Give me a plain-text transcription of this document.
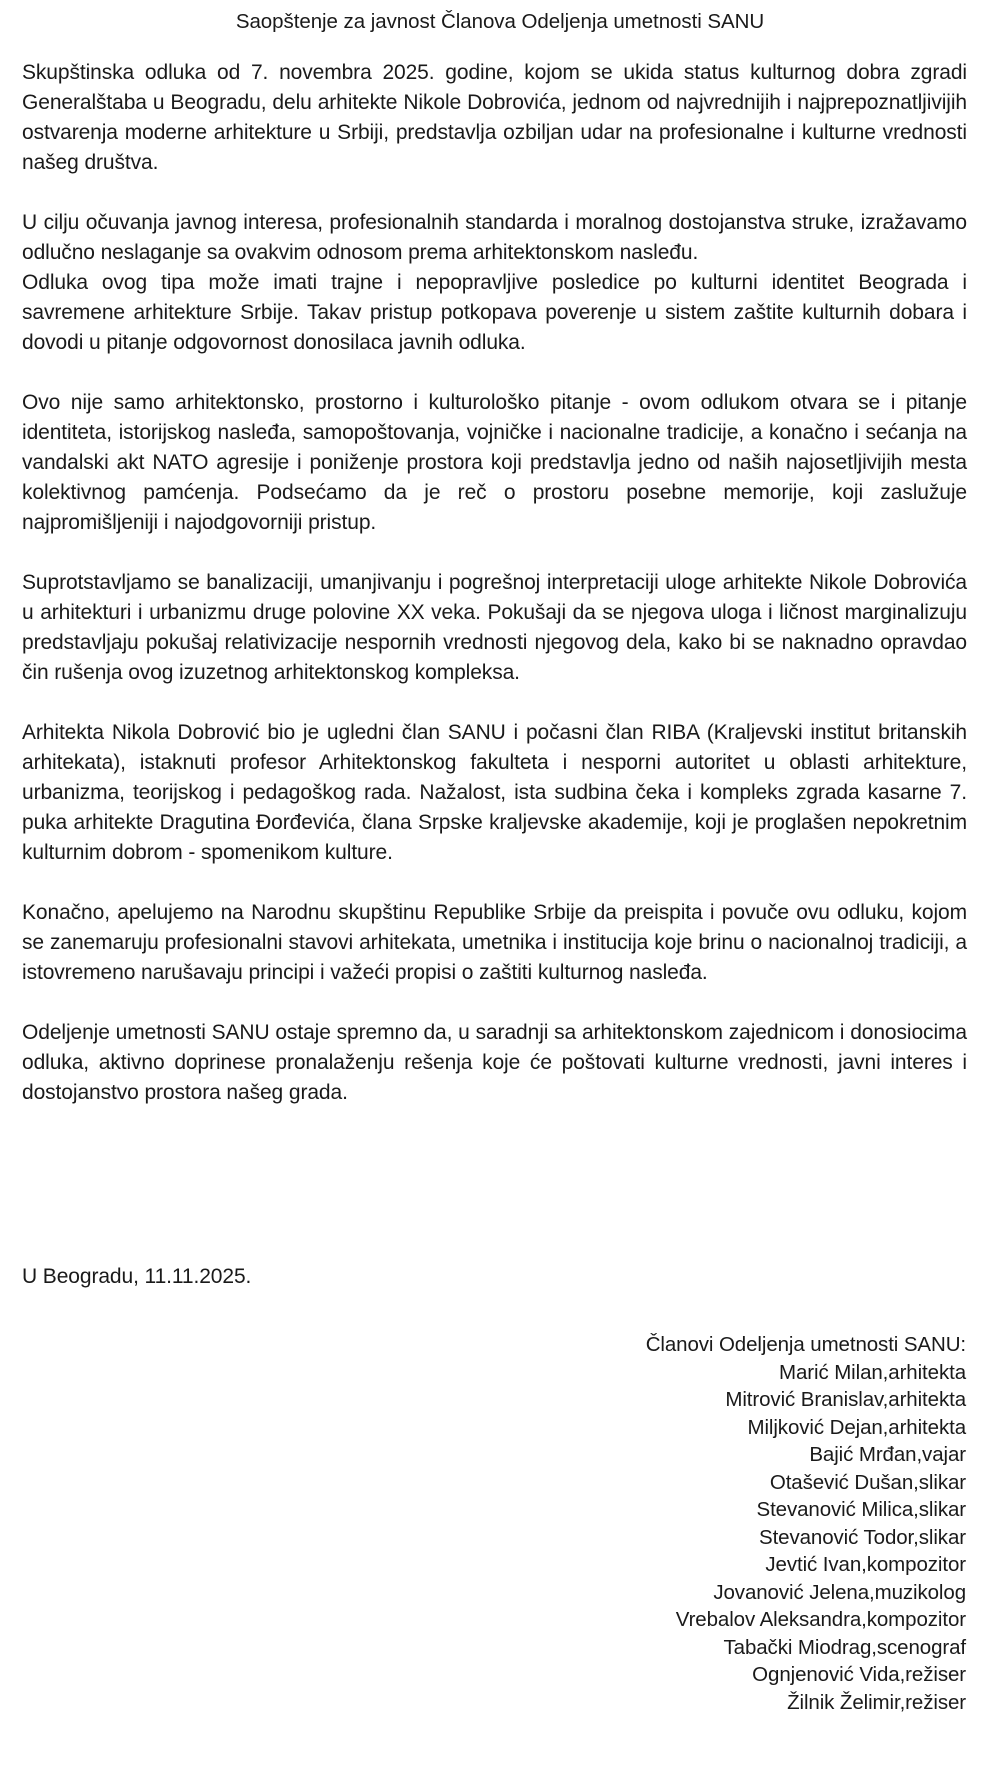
Saopštenje za javnost Članova Odeljenja umetnosti SANU

Skupštinska odluka od 7. novembra 2025. godine, kojom se ukida status kulturnog dobra zgradi Generalštaba u Beogradu, delu arhitekte Nikole Dobrovića, jednom od najvrednijih i najprepoznatljivijih ostvarenja moderne arhitekture u Srbiji, predstavlja ozbiljan udar na profesionalne i kulturne vrednosti našeg društva.

U cilju očuvanja javnog interesa, profesionalnih standarda i moralnog dostojanstva struke, izražavamo odlučno neslaganje sa ovakvim odnosom prema arhitektonskom nasleđu.
Odluka ovog tipa može imati trajne i nepopravljive posledice po kulturni identitet Beograda i savremene arhitekture Srbije. Takav pristup potkopava poverenje u sistem zaštite kulturnih dobara i dovodi u pitanje odgovornost donosilaca javnih odluka.

Ovo nije samo arhitektonsko, prostorno i kulturološko pitanje - ovom odlukom otvara se i pitanje identiteta, istorijskog nasleđa, samopoštovanja, vojničke i nacionalne tradicije, a konačno i sećanja na vandalski akt NATO agresije i poniženje prostora koji predstavlja jedno od naših najosetljivijih mesta kolektivnog pamćenja. Podsećamo da je reč o prostoru posebne memorije, koji zaslužuje najpromišljeniji i najodgovorniji pristup.

Suprotstavljamo se banalizaciji, umanjivanju i pogrešnoj interpretaciji uloge arhitekte Nikole Dobrovića u arhitekturi i urbanizmu druge polovine XX veka. Pokušaji da se njegova uloga i ličnost marginalizuju predstavljaju pokušaj relativizacije nespornih vrednosti njegovog dela, kako bi se naknadno opravdao čin rušenja ovog izuzetnog arhitektonskog kompleksa.

Arhitekta Nikola Dobrović bio je ugledni član SANU i počasni član RIBA (Kraljevski institut britanskih arhitekata), istaknuti profesor Arhitektonskog fakulteta i nesporni autoritet u oblasti arhitekture, urbanizma, teorijskog i pedagoškog rada. Nažalost, ista sudbina čeka i kompleks zgrada kasarne 7. puka arhitekte Dragutina Đorđevića, člana Srpske kraljevske akademije, koji je proglašen nepokretnim kulturnim dobrom - spomenikom kulture.

Konačno, apelujemo na Narodnu skupštinu Republike Srbije da preispita i povuče ovu odluku, kojom se zanemaruju profesionalni stavovi arhitekata, umetnika i institucija koje brinu o nacionalnoj tradiciji, a istovremeno narušavaju principi i važeći propisi o zaštiti kulturnog nasleđa.

Odeljenje umetnosti SANU ostaje spremno da, u saradnji sa arhitektonskom zajednicom i donosiocima odluka, aktivno doprinese pronalaženju rešenja koje će poštovati kulturne vrednosti, javni interes i dostojanstvo prostora našeg grada.

U Beogradu, 11.11.2025.
Članovi Odeljenja umetnosti SANU:
Marić Milan,arhitekta
Mitrović Branislav,arhitekta
Miljković Dejan,arhitekta
Bajić Mrđan,vajar
Otašević Dušan,slikar
Stevanović Milica,slikar
Stevanović Todor,slikar
Jevtić Ivan,kompozitor
Jovanović Jelena,muzikolog
Vrebalov Aleksandra,kompozitor
Tabački Miodrag,scenograf
Ognjenović Vida,režiser
Žilnik Želimir,režiser
